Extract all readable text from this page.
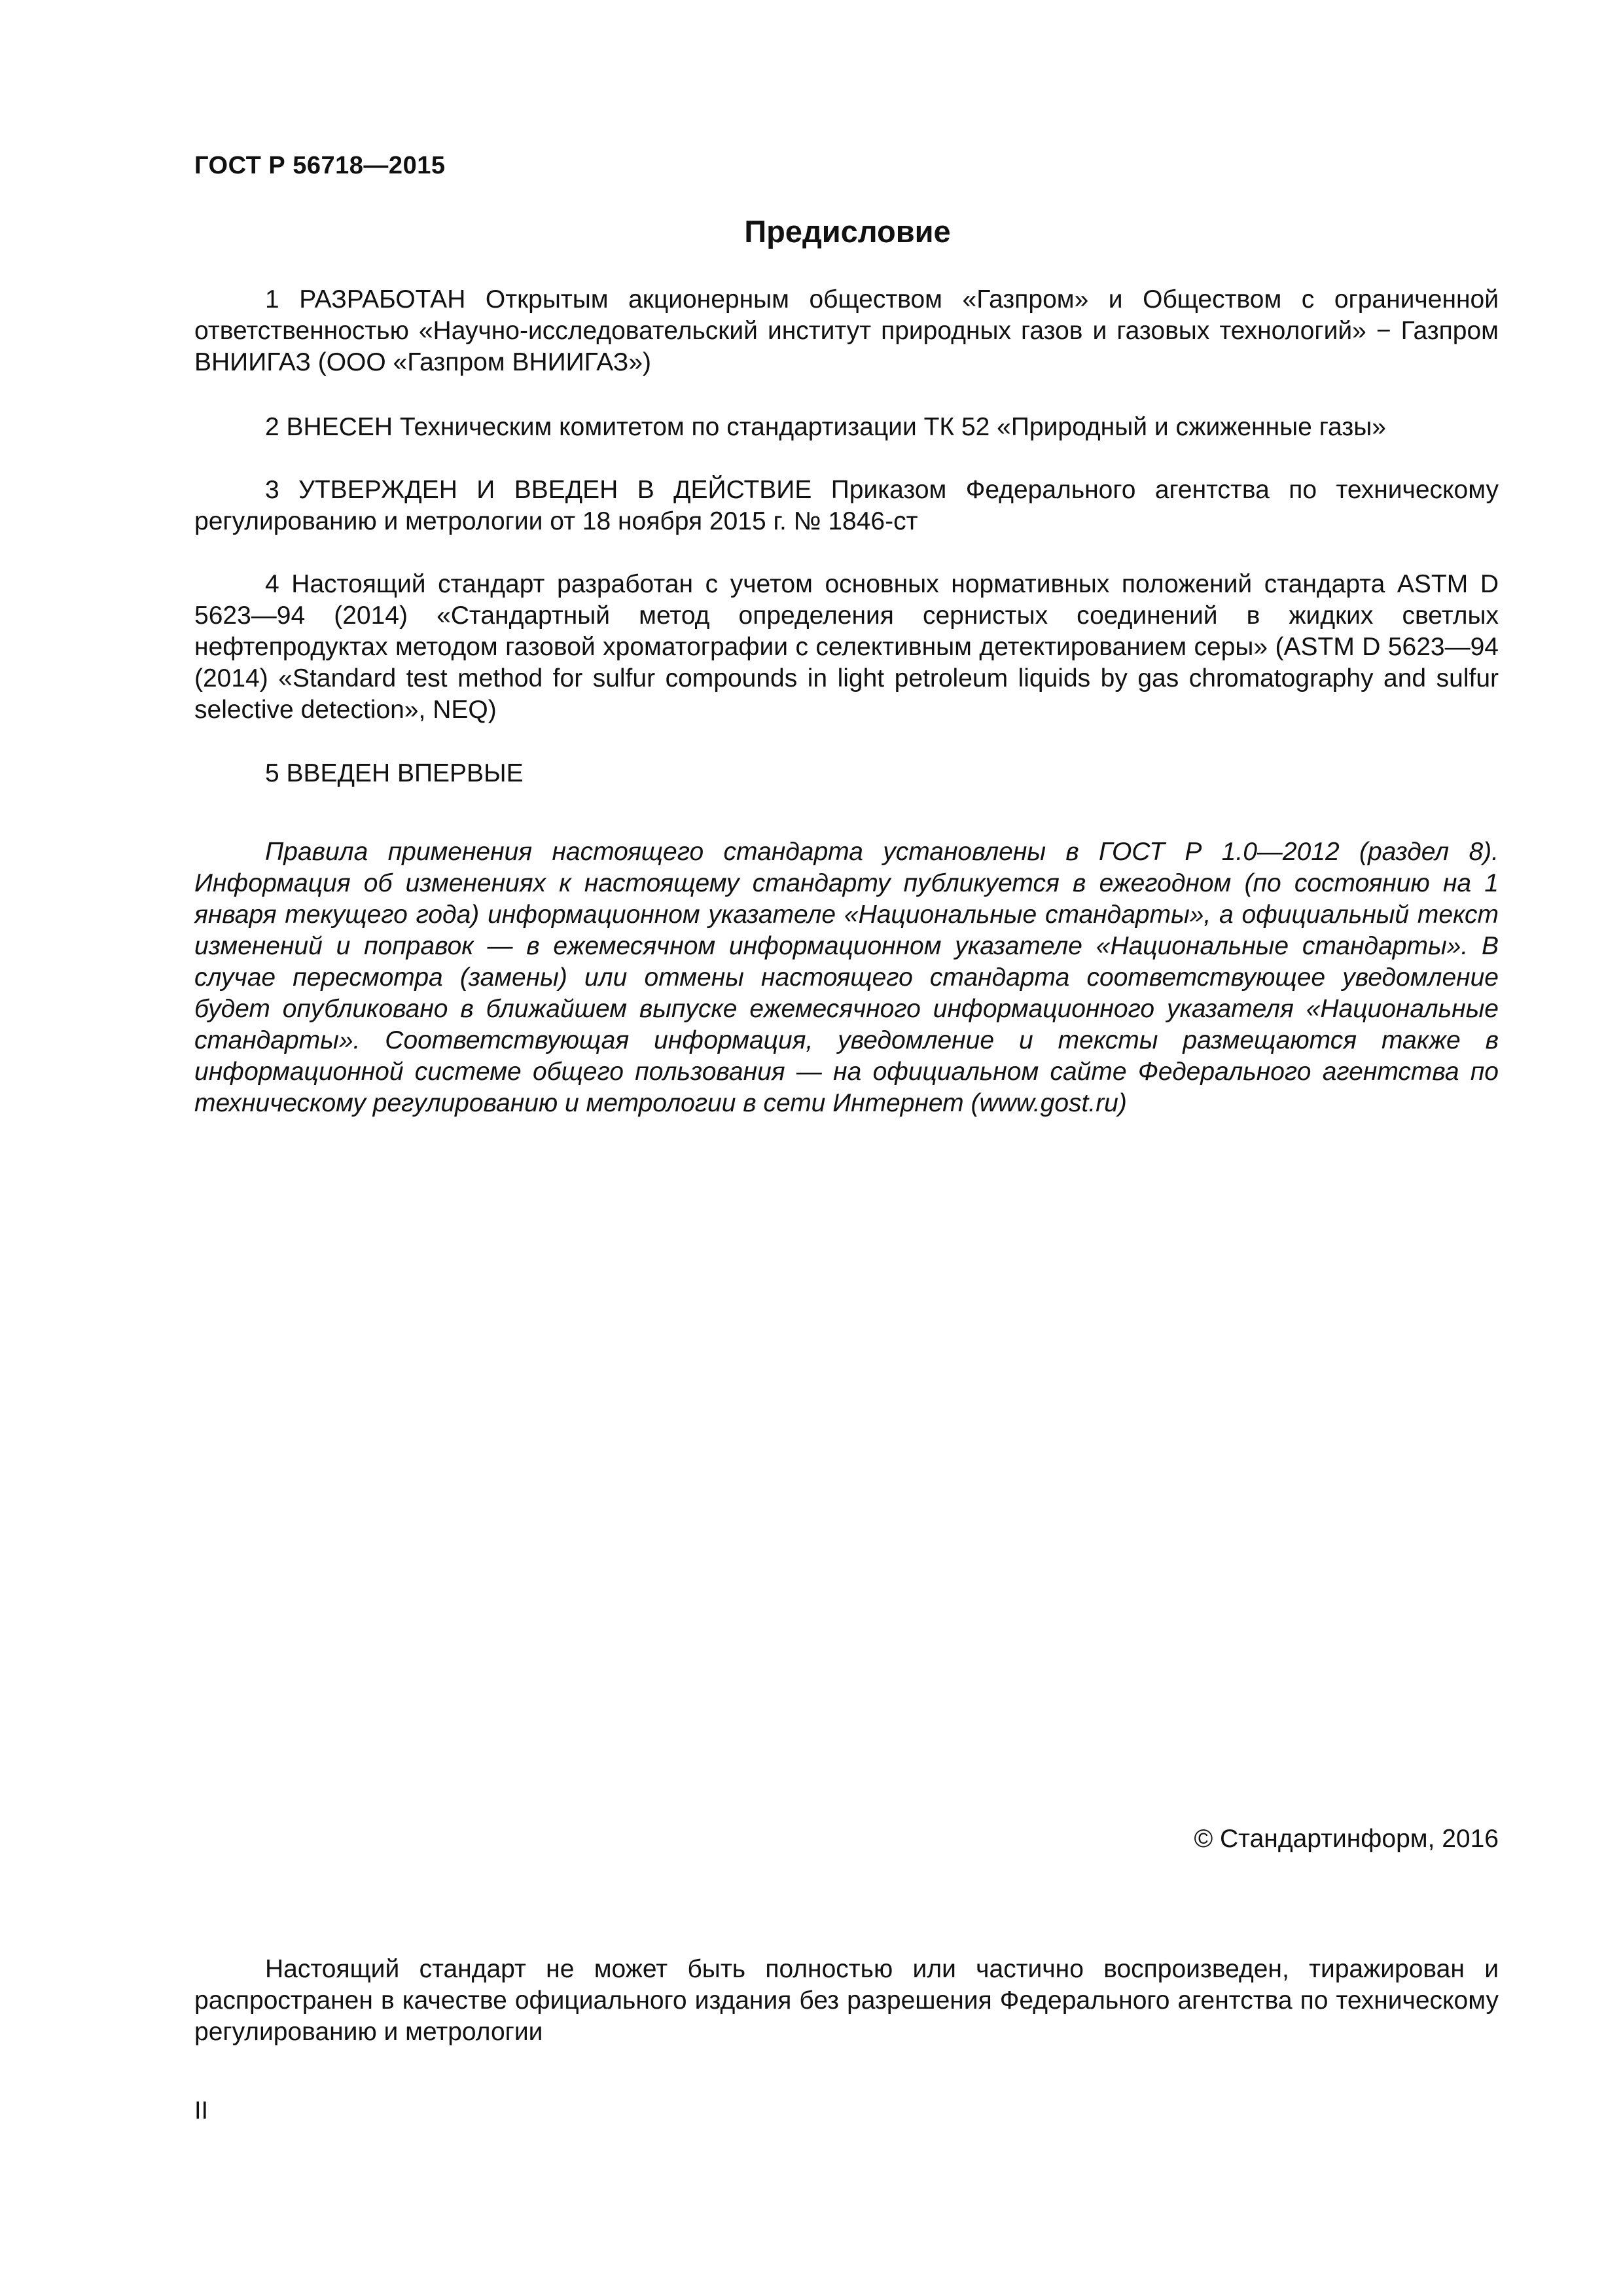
ГОСТ Р 56718—2015
Предисловие
1 РАЗРАБОТАН Открытым акционерным обществом «Газпром» и Обществом с ограниченной ответственностью «Научно-исследовательский институт природных газов и газовых технологий» − Газпром ВНИИГАЗ (ООО «Газпром ВНИИГАЗ»)
2 ВНЕСЕН Техническим комитетом по стандартизации ТК 52 «Природный и сжиженные газы»
3 УТВЕРЖДЕН И ВВЕДЕН В ДЕЙСТВИЕ Приказом Федерального агентства по техническому регулированию и метрологии от 18 ноября 2015 г. № 1846-ст
4 Настоящий стандарт разработан с учетом основных нормативных положений стандарта ASTM D 5623—94 (2014) «Стандартный метод определения сернистых соединений в жидких светлых нефтепродуктах методом газовой хроматографии с селективным детектированием серы» (ASTM D 5623—94 (2014) «Standard test method for sulfur compounds in light petroleum liquids by gas chromatography and sulfur selective detection», NEQ)
5 ВВЕДЕН ВПЕРВЫЕ
Правила применения настоящего стандарта установлены в ГОСТ Р 1.0—2012 (раздел 8). Информация об изменениях к настоящему стандарту публикуется в ежегодном (по состоянию на 1 января текущего года) информационном указателе «Национальные стандарты», а официальный текст изменений и поправок — в ежемесячном информационном указателе «Национальные стандарты». В случае пересмотра (замены) или отмены настоящего стандарта соответствующее уведомление будет опубликовано в ближайшем выпуске ежемесячного информационного указателя «Национальные стандарты». Соответствующая информация, уведомление и тексты размещаются также в информационной системе общего пользования — на официальном сайте Федерального агентства по техническому регулированию и метрологии в сети Интернет (www.gost.ru)
© Стандартинформ, 2016
Настоящий стандарт не может быть полностью или частично воспроизведен, тиражирован и распространен в качестве официального издания без разрешения Федерального агентства по техническому регулированию и метрологии
II
